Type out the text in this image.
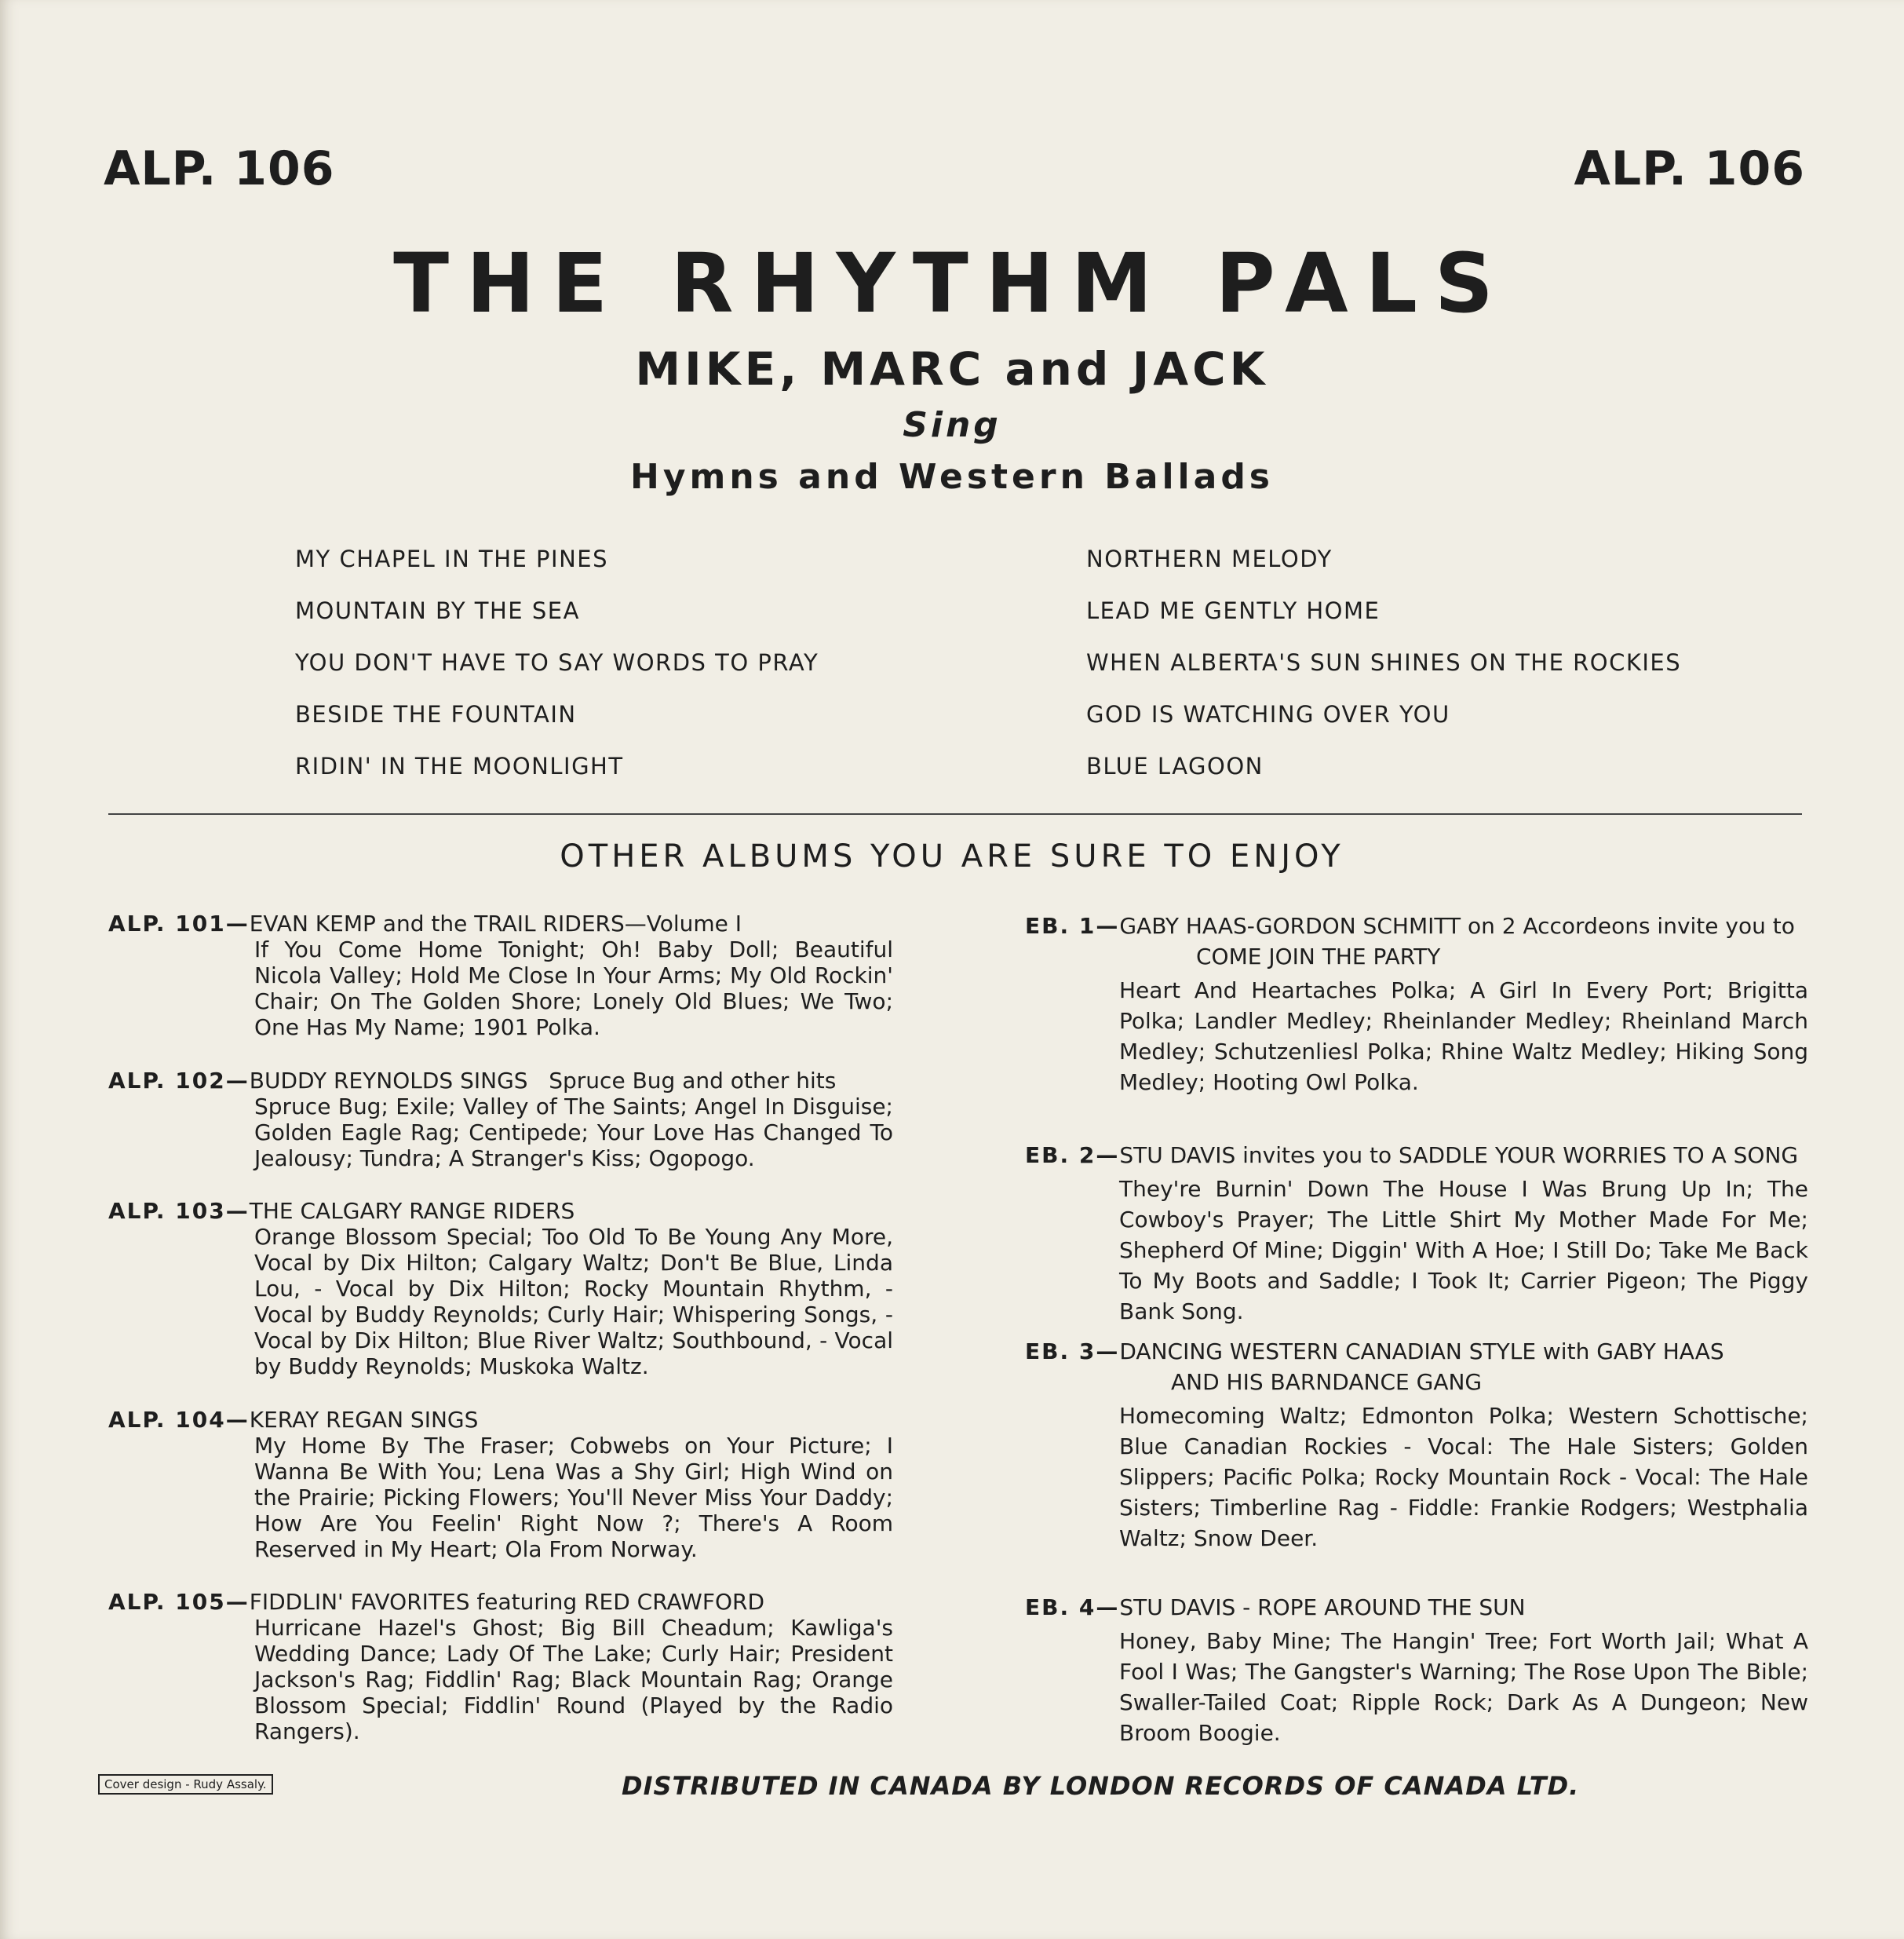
ALP. 106	ALP. 106
THE RHYTHM PALS
MIKE, MARC and JACK
Sing
Hymns and Western Ballads
MY CHAPEL IN THE PINES
MOUNTAIN BY THE SEA
YOU DON'T HAVE TO SAY WORDS TO PRAY
BESIDE THE FOUNTAIN
RIDIN' IN THE MOONLIGHT
NORTHERN MELODY
LEAD ME GENTLY HOME
WHEN ALBERTA'S SUN SHINES ON THE ROCKIES
GOD IS WATCHING OVER YOU
BLUE LAGOON
OTHER ALBUMS YOU ARE SURE TO ENJOY
ALP. 101—EVAN KEMP and the TRAIL RIDERS—Volume I
If You Come Home Tonight; Oh! Baby Doll; Beautiful Nicola Valley; Hold Me Close In Your Arms; My Old Rockin' Chair; On The Golden Shore; Lonely Old Blues; We Two; One Has My Name; 1901 Polka.
ALP. 102—BUDDY REYNOLDS SINGS   Spruce Bug and other hits
Spruce Bug; Exile; Valley of The Saints; Angel In Disguise; Golden Eagle Rag; Centipede; Your Love Has Changed To Jealousy; Tundra; A Stranger's Kiss; Ogopogo.
ALP. 103—THE CALGARY RANGE RIDERS
Orange Blossom Special; Too Old To Be Young Any More, Vocal by Dix Hilton; Calgary Waltz; Don't Be Blue, Linda Lou, - Vocal by Dix Hilton; Rocky Mountain Rhythm, - Vocal by Buddy Reynolds; Curly Hair; Whispering Songs, - Vocal by Dix Hilton; Blue River Waltz; Southbound, - Vocal by Buddy Reynolds; Muskoka Waltz.
ALP. 104—KERAY REGAN SINGS
My Home By The Fraser; Cobwebs on Your Picture; I Wanna Be With You; Lena Was a Shy Girl; High Wind on the Prairie; Picking Flowers; You'll Never Miss Your Daddy; How Are You Feelin' Right Now ?; There's A Room Reserved in My Heart; Ola From Norway.
ALP. 105—FIDDLIN' FAVORITES featuring RED CRAWFORD
Hurricane Hazel's Ghost; Big Bill Cheadum; Kawliga's Wedding Dance; Lady Of The Lake; Curly Hair; President Jackson's Rag; Fiddlin' Rag; Black Mountain Rag; Orange Blossom Special; Fiddlin' Round (Played by the Radio Rangers).
EB. 1—GABY HAAS-GORDON SCHMITT on 2 Accordeons invite you to
COME JOIN THE PARTY
Heart And Heartaches Polka; A Girl In Every Port; Brigitta Polka; Landler Medley; Rheinlander Medley; Rheinland March Medley; Schutzenliesl Polka; Rhine Waltz Medley; Hiking Song Medley; Hooting Owl Polka.
EB. 2—STU DAVIS invites you to SADDLE YOUR WORRIES TO A SONG
They're Burnin' Down The House I Was Brung Up In; The Cowboy's Prayer; The Little Shirt My Mother Made For Me; Shepherd Of Mine; Diggin' With A Hoe; I Still Do; Take Me Back To My Boots and Saddle; I Took It; Carrier Pigeon; The Piggy Bank Song.
EB. 3—DANCING WESTERN CANADIAN STYLE with GABY HAAS
AND HIS BARNDANCE GANG
Homecoming Waltz; Edmonton Polka; Western Schottische; Blue Canadian Rockies - Vocal: The Hale Sisters; Golden Slippers; Pacific Polka; Rocky Mountain Rock - Vocal: The Hale Sisters; Timberline Rag - Fiddle: Frankie Rodgers; Westphalia Waltz; Snow Deer.
EB. 4—STU DAVIS - ROPE AROUND THE SUN
Honey, Baby Mine; The Hangin' Tree; Fort Worth Jail; What A Fool I Was; The Gangster's Warning; The Rose Upon The Bible; Swaller-Tailed Coat; Ripple Rock; Dark As A Dungeon; New Broom Boogie.
Cover design - Rudy Assaly.	DISTRIBUTED IN CANADA BY LONDON RECORDS OF CANADA LTD.
